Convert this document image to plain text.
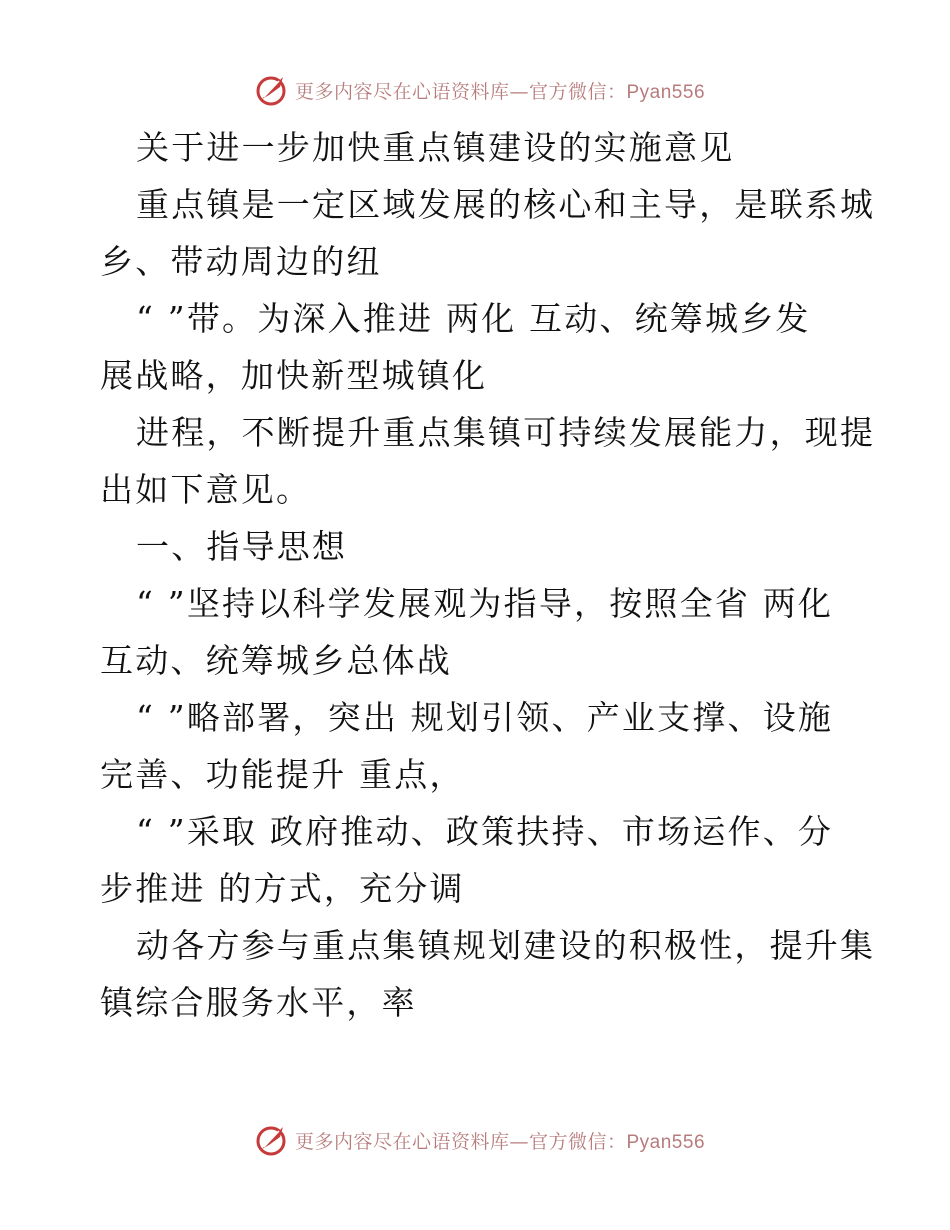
更多内容尽在心语资料库—官方微信：Pyan556
关于进一步加快重点镇建设的实施意见
重点镇是一定区域发展的核心和主导，是联系城
乡、带动周边的纽
“ ”带。为深入推进 两化 互动、统筹城乡发
展战略，加快新型城镇化
进程，不断提升重点集镇可持续发展能力，现提
出如下意见。
一、指导思想
“ ”坚持以科学发展观为指导，按照全省 两化
互动、统筹城乡总体战
“ ”略部署，突出 规划引领、产业支撑、设施
完善、功能提升 重点，
“ ”采取 政府推动、政策扶持、市场运作、分
步推进 的方式，充分调
动各方参与重点集镇规划建设的积极性，提升集
镇综合服务水平，率
更多内容尽在心语资料库—官方微信：Pyan556
